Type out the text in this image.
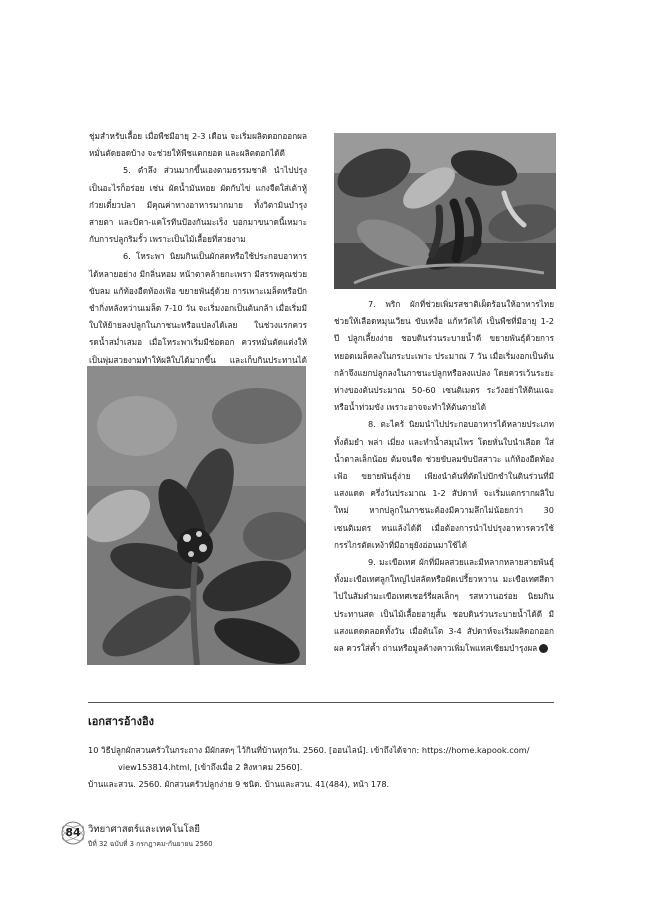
ชุ่มสำหรับเลื้อย เมื่อพืชมีอายุ 2-3 เดือน จะเริ่มผลิตดอกออกผล หมั่นตัดยอดบ้าง จะช่วยให้พืชแตกยอด และผลิตดอกได้ดี

5. ตำลึง ส่วนมากขึ้นเองตามธรรมชาติ นำไปปรุงเป็นอะไรก็อร่อย เช่น ผัดน้ำมันหอย ผัดกับไข่ แกงจืดใส่เต้าหู้ ก๋วยเตี๋ยวปลา มีคุณค่าทางอาหารมากมาย ทั้งวิตามินบำรุงสายตา และบีตา-แคโรทีนป้องกันมะเร็ง บอกมาขนาดนี้เหมาะกับการปลูกริมรั้ว เพราะเป็นไม้เลื้อยที่สวยงาม

6. โหระพา นิยมกินเป็นผักสดหรือใช้ประกอบอาหารได้หลายอย่าง มีกลิ่นหอม หน้าตาคล้ายกะเพรา มีสรรพคุณช่วยขับลม แก้ท้องอืดท้องเฟ้อ ขยายพันธุ์ด้วย การเพาะเมล็ดหรือปักชำกิ่งหลังหว่านเมล็ด 7-10 วัน จะเริ่มงอกเป็นต้นกล้า เมื่อเริ่มมีใบให้ย้ายลงปลูกในภาชนะหรือแปลงได้เลย ในช่วงแรกควรรดน้ำสม่ำเสมอ เมื่อโหระพาเริ่มมีช่อดอก ควรหมั่นตัดแต่งให้เป็นพุ่มสวยงามทำให้ผลิใบได้มากขึ้น และเก็บกินประทานได้

7. พริก ผักที่ช่วยเพิ่มรสชาติเผ็ดร้อนให้อาหารไทย ช่วยให้เลือดหมุนเวียน ขับเหงื่อ แก้หวัดได้ เป็นพืชที่มีอายุ 1-2 ปี ปลูกเลี้ยงง่าย ชอบดินร่วนระบายน้ำดี ขยายพันธุ์ด้วยการหยอดเมล็ดลงในกระบะเพาะ ประมาณ 7 วัน เมื่อเริ่มงอกเป็นต้นกล้าจึงแยกปลูกลงในภาชนะปลูกหรือลงแปลง โดยควรเว้นระยะห่างของต้นประมาณ 50-60 เซนติเมตร ระวังอย่าให้ดินแฉะหรือน้ำท่วมขัง เพราะอาจจะทำให้ต้นตายได้

8. ตะไคร้ นิยมนำไปประกอบอาหารได้หลายประเภท ทั้งต้มยำ พล่า เมี่ยง และทำน้ำสมุนไพร โดยหั่นใบนำเลือด ใส่น้ำตาลเล็กน้อย ต้มจนจืด ช่วยขับลมขับปัสสาวะ แก้ท้องอืดท้องเฟ้อ ขยายพันธุ์ง่าย เพียงนำต้นที่ตัดไปปักชำในดินร่วนที่มีแสงแดด ครึ่งวันประมาณ 1-2 สัปดาห์ จะเริ่มแตกรากผลิใบใหม่ หากปลูกในภาชนะต้องมีความลึกไม่น้อยกว่า 30 เซนติเมตร ทนแล้งได้ดี เมื่อต้องการนำไปปรุงอาหารควรใช้กรรไกรตัดเหง้าที่มีอายุยังอ่อนมาใช้ได้

9. มะเขือเทศ ผักที่มีผลสวยและมีหลากหลายสายพันธุ์ ทั้งมะเขือเทศลูกใหญ่ไปสลัดหรือผัดเปรี้ยวหวาน มะเขือเทศสีดาไปในส้มตำมะเขือเทศเชอร์รี่ผลเล็กๆ รสหวานอร่อย นิยมกินประทานสด เป็นไม้เลื้อยอายุสั้น ชอบดินร่วนระบายน้ำได้ดี มีแสงแดดตลอดทั้งวัน เมื่อต้นโต 3-4 สัปดาห์จะเริ่มผลิดอกออกผล ควรใส่ค้ำ ถ่านหรือมูลค้างคาวเพิ่มโพแทสเซียมบำรุงผล

เอกสารอ้างอิง

10 วิธีปลูกผักสวนครัวในกระถาง มีผักสดๆ ไว้กินที่บ้านทุกวัน. 2560. [ออนไลน์]. เข้าถึงได้จาก: https://home.kapook.com/

view153814.html, [เข้าถึงเมื่อ 2 สิงหาคม 2560].

บ้านและสวน. 2560. ผักสวนครัวปลูกง่าย 9 ชนิด. บ้านและสวน. 41(484), หน้า 178.

84 วิทยาศาสตร์และเทคโนโลยี
ปีที่ 32 ฉบับที่ 3 กรกฎาคม-กันยายน 2560
